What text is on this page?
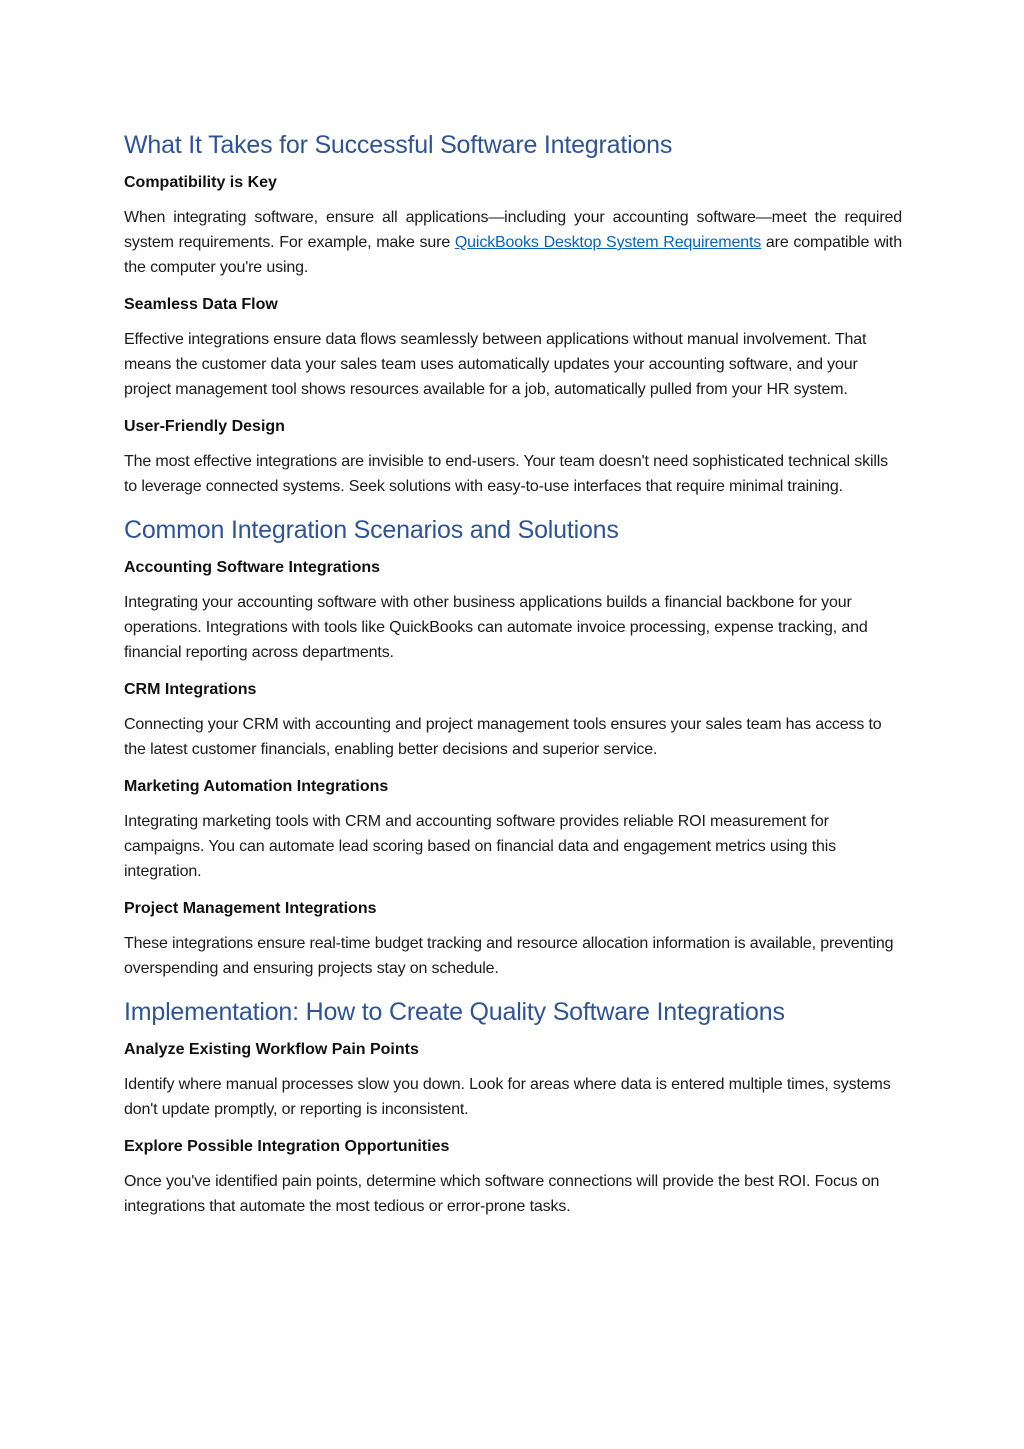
What It Takes for Successful Software Integrations
Compatibility is Key

When integrating software, ensure all applications—including your accounting software—meet the required system requirements. For example, make sure QuickBooks Desktop System Requirements are compatible with the computer you're using.

Seamless Data Flow

Effective integrations ensure data flows seamlessly between applications without manual involvement. That means the customer data your sales team uses automatically updates your accounting software, and your project management tool shows resources available for a job, automatically pulled from your HR system.

User-Friendly Design

The most effective integrations are invisible to end-users. Your team doesn't need sophisticated technical skills to leverage connected systems. Seek solutions with easy-to-use interfaces that require minimal training.

Common Integration Scenarios and Solutions
Accounting Software Integrations

Integrating your accounting software with other business applications builds a financial backbone for your operations. Integrations with tools like QuickBooks can automate invoice processing, expense tracking, and financial reporting across departments.

CRM Integrations

Connecting your CRM with accounting and project management tools ensures your sales team has access to the latest customer financials, enabling better decisions and superior service.

Marketing Automation Integrations

Integrating marketing tools with CRM and accounting software provides reliable ROI measurement for campaigns. You can automate lead scoring based on financial data and engagement metrics using this integration.

Project Management Integrations

These integrations ensure real-time budget tracking and resource allocation information is available, preventing overspending and ensuring projects stay on schedule.

Implementation: How to Create Quality Software Integrations
Analyze Existing Workflow Pain Points

Identify where manual processes slow you down. Look for areas where data is entered multiple times, systems don't update promptly, or reporting is inconsistent.

Explore Possible Integration Opportunities

Once you've identified pain points, determine which software connections will provide the best ROI. Focus on integrations that automate the most tedious or error-prone tasks.
